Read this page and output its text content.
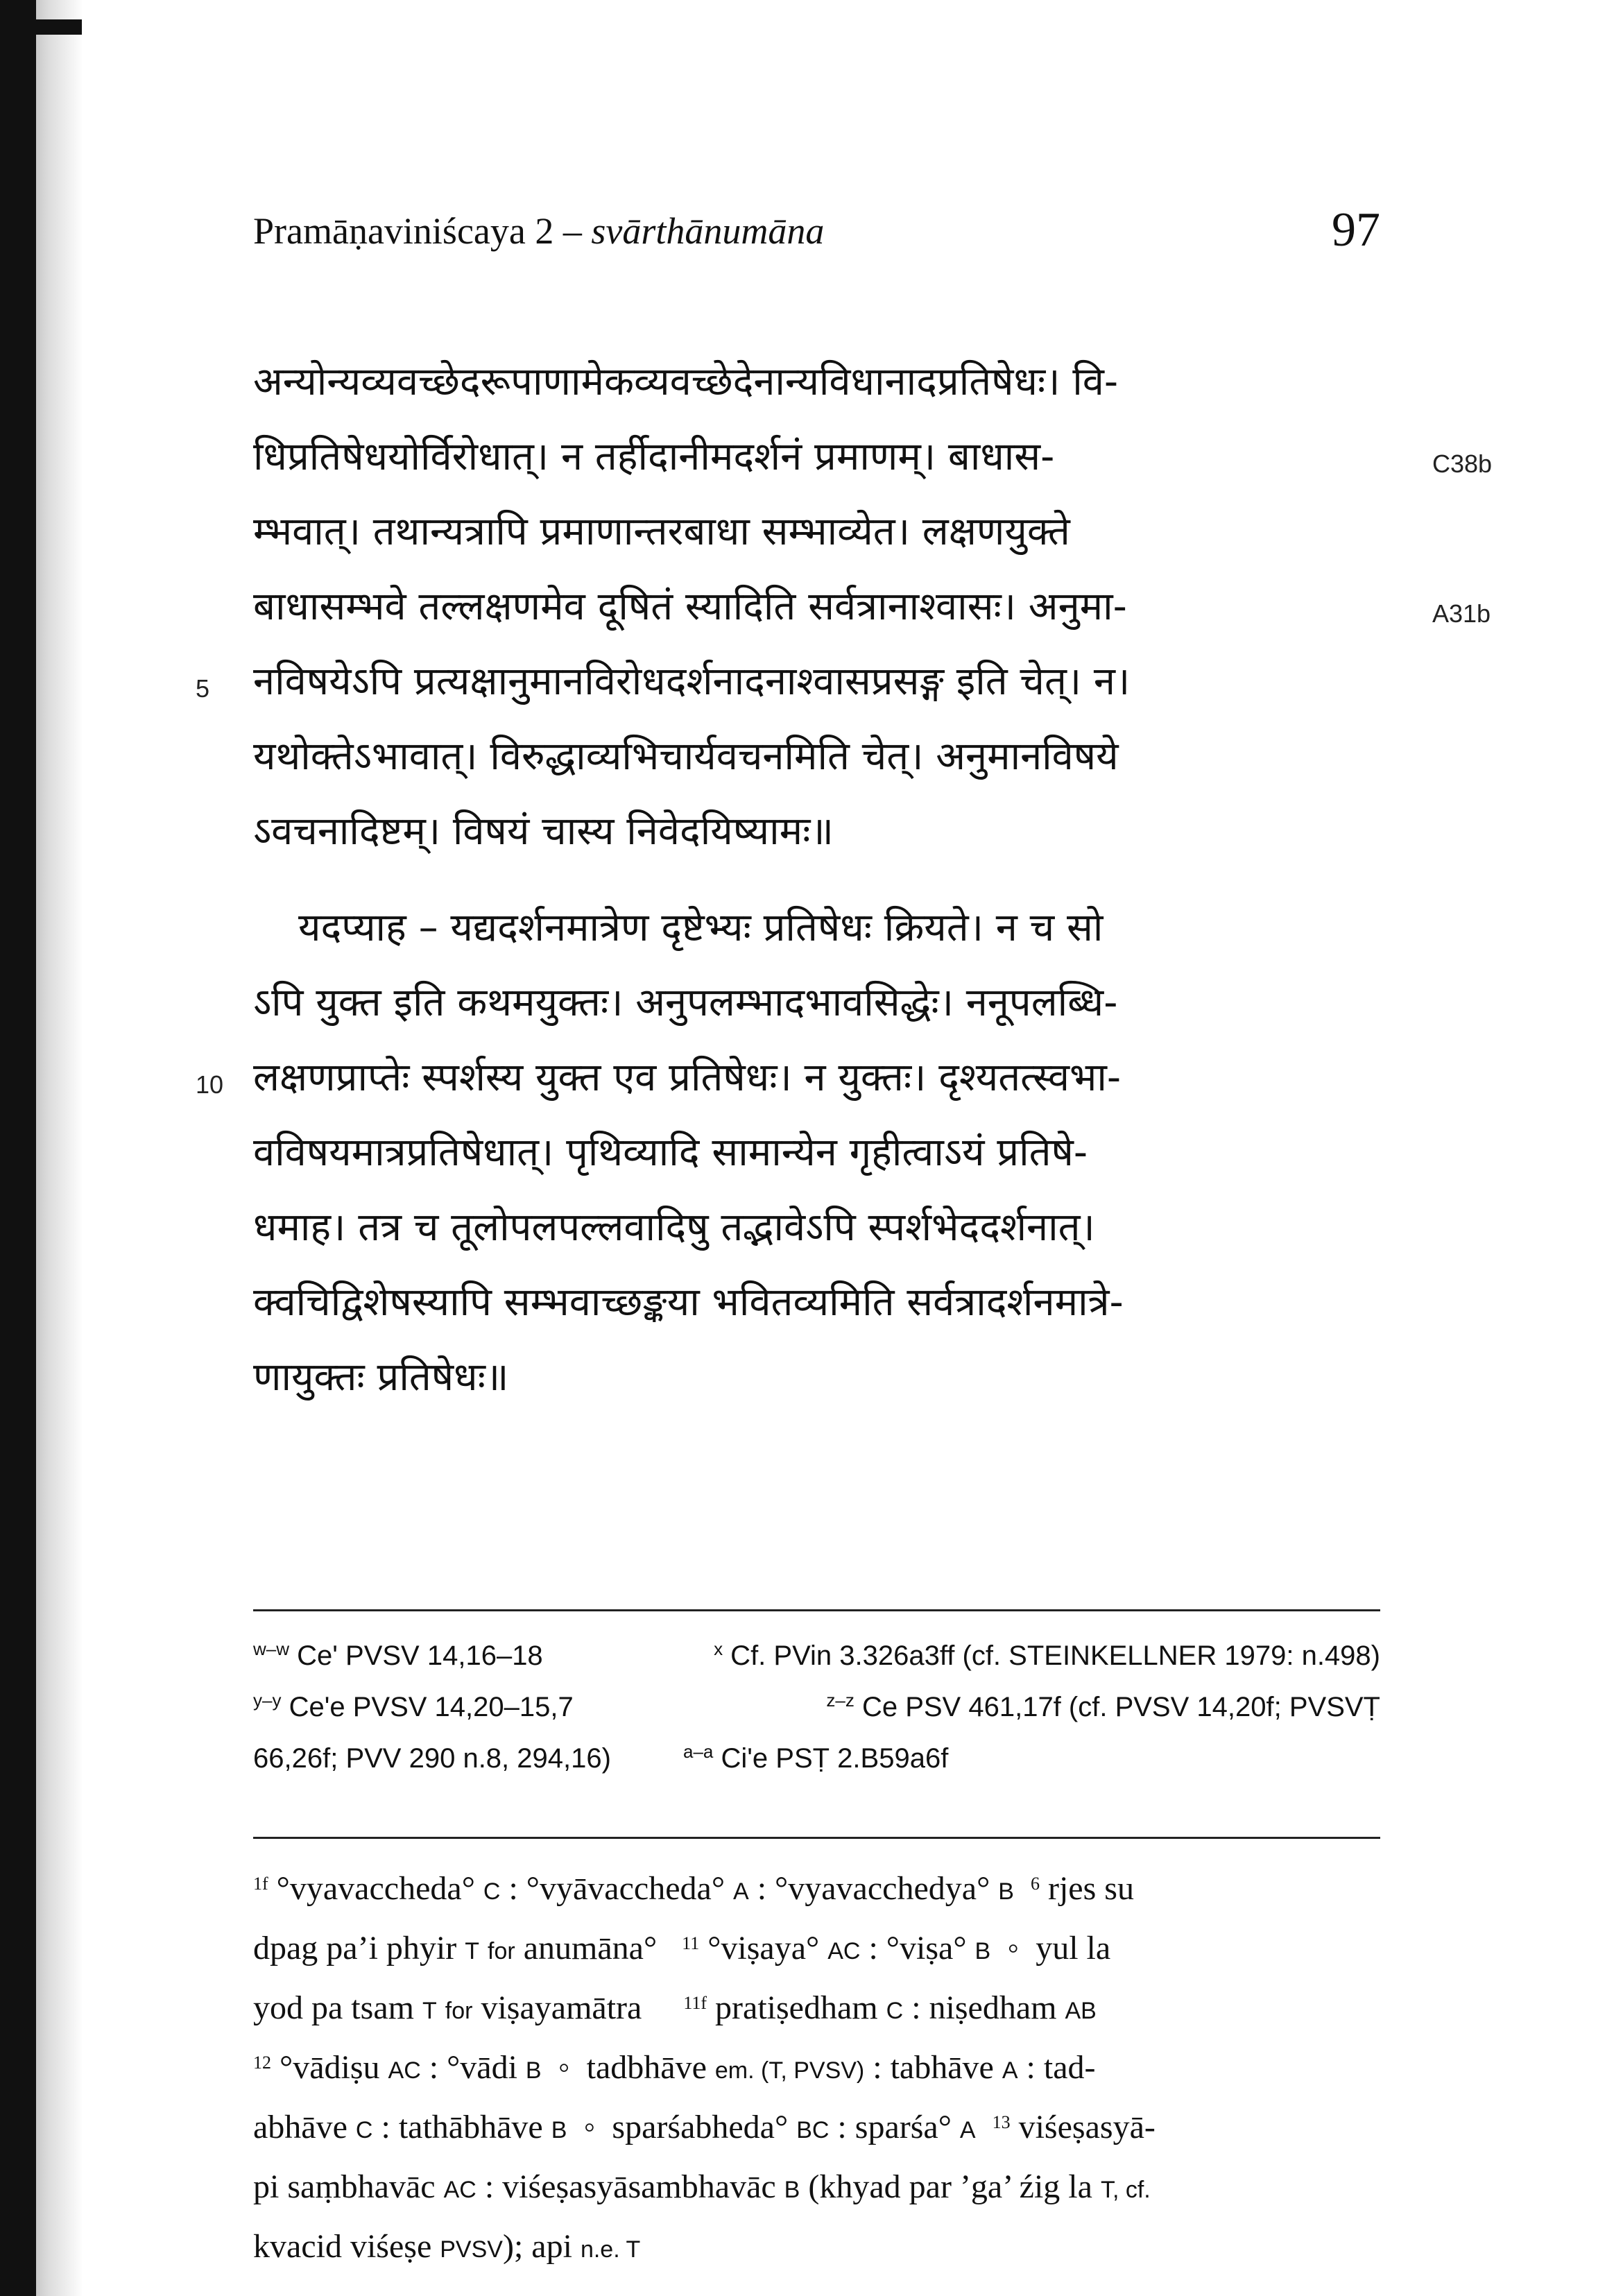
Pramāṇaviniścaya 2 – svārthānumāna	97
अन्योन्यव्यवच्छेदरूपाणामेकव्यवच्छेदेनान्यविधानादप्रतिषेधः। वि-
धिप्रतिषेधयोर्विरोधात्। न तर्हीदानीमदर्शनं प्रमाणम्। बाधास-
म्भवात्। तथान्यत्रापि प्रमाणान्तरबाधा सम्भाव्येत। लक्षणयुक्ते
बाधासम्भवे तल्लक्षणमेव दूषितं स्यादिति सर्वत्रानाश्वासः। अनुमा-
नविषयेऽपि प्रत्यक्षानुमानविरोधदर्शनादनाश्वासप्रसङ्ग इति चेत्। न।
यथोक्तेऽभावात्। विरुद्धाव्यभिचार्यवचनमिति चेत्। अनुमानविषये
ऽवचनादिष्टम्। विषयं चास्य निवेदयिष्यामः॥
यदप्याह – यद्यदर्शनमात्रेण दृष्टेभ्यः प्रतिषेधः क्रियते। न च सो
ऽपि युक्त इति कथमयुक्तः। अनुपलम्भादभावसिद्धेः। ननूपलब्धि-
लक्षणप्राप्तेः स्पर्शस्य युक्त एव प्रतिषेधः। न युक्तः। दृश्यतत्स्वभा-
वविषयमात्रप्रतिषेधात्। पृथिव्यादि सामान्येन गृहीत्वाऽयं प्रतिषे-
धमाह। तत्र च तूलोपलपल्लवादिषु तद्भावेऽपि स्पर्शभेददर्शनात्।
क्वचिद्विशेषस्यापि सम्भवाच्छङ्कया भवितव्यमिति सर्वत्रादर्शनमात्रे-
णायुक्तः प्रतिषेधः॥
C38b
A31b
5
10
$^{w-w}$ Ce' PVSV 14,16–18	$^x$ Cf. PVin 3.326a3ff (cf. STEINKELLNER 1979: n.498)
$^{y-y}$ Ce'e PVSV 14,20–15,7	$^{z-z}$ Ce PSV 461,17f (cf. PVSV 14,20f; PVSVṬ
66,26f; PVV 290 n.8, 294,16)	$^{a-a}$ Ci'e PSṬ 2.B59a6f
$^{1f}$ °vyavaccheda° C : °vyāvaccheda° A : °vyavacchedya° B $^6$ rjes su
dpag pa’i phyir T for anumāna°   $^{11}$ °viṣaya° AC : °viṣa° B  ◦  yul la
yod pa tsam T for viṣayamātra     $^{11f}$ pratiṣedham C : niṣedham AB
$^{12}$ °vādiṣu AC : °vādi B  ◦  tadbhāve em. (T, PVSV) : tabhāve A : tad-
abhāve C : tathābhāve B  ◦  sparśabheda° BC : sparśa° A $^{13}$ viśeṣasyā-
pi saṃbhavāc AC : viśeṣasyāsambhavāc B (khyad par ’ga’ źig la T, cf.
kvacid viśeṣe PVSV); api n.e. T
